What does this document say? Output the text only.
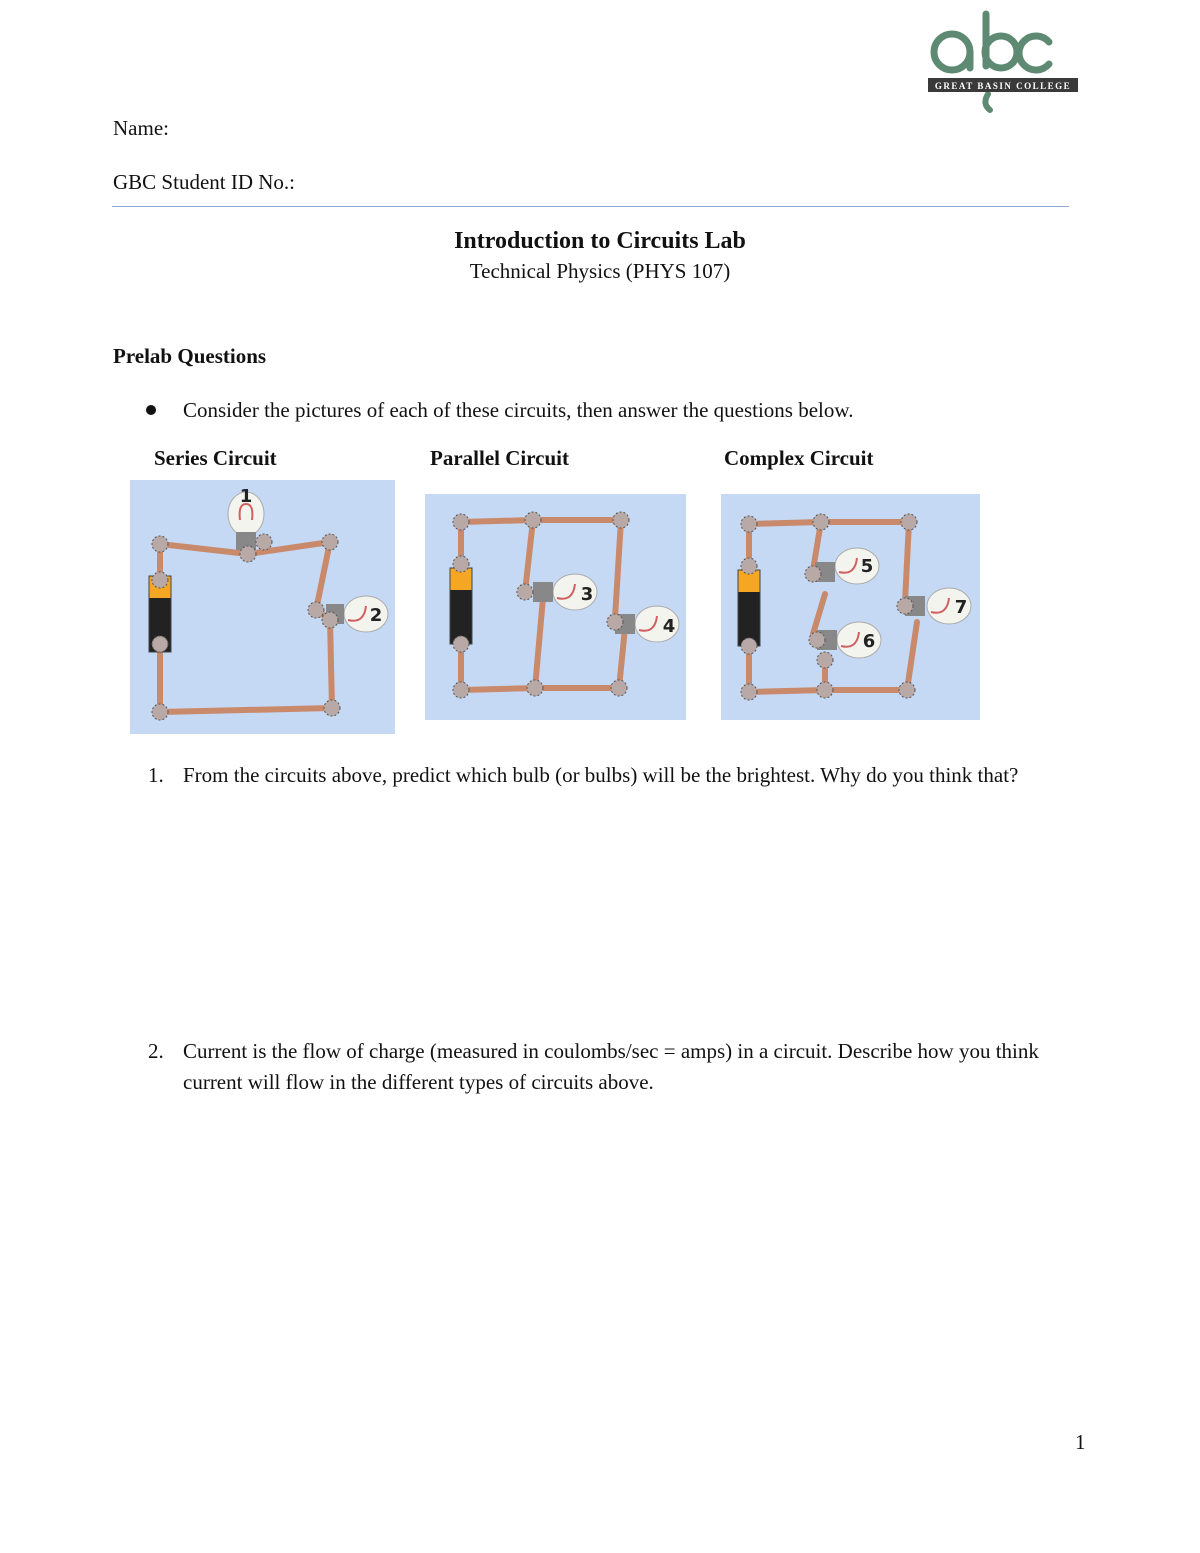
GREAT BASIN COLLEGE
Name:
GBC Student ID No.:
Introduction to Circuits Lab
Technical Physics (PHYS 107)
Prelab Questions
Consider the pictures of each of these circuits, then answer the questions below.
Series Circuit	Parallel Circuit	Complex Circuit
1
2
3
4
5
6
7
1. From the circuits above, predict which bulb (or bulbs) will be the brightest. Why do you think that?
2. Current is the flow of charge (measured in coulombs/sec = amps) in a circuit. Describe how you think current will flow in the different types of circuits above.
1
